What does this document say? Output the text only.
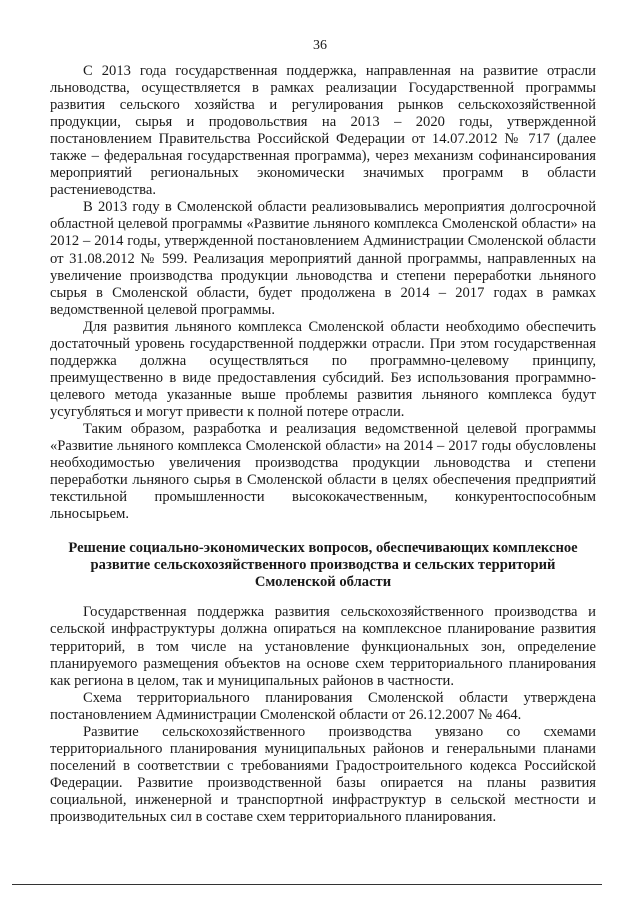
36

С 2013 года государственная поддержка, направленная на развитие отрасли льноводства, осуществляется в рамках реализации Государственной программы развития сельского хозяйства и регулирования рынков сельскохозяйственной продукции, сырья и продовольствия на 2013 – 2020 годы, утвержденной постановлением Правительства Российской Федерации от 14.07.2012 № 717 (далее также – федеральная государственная программа), через механизм софинансирования мероприятий региональных экономически значимых программ в области растениеводства.

В 2013 году в Смоленской области реализовывались мероприятия долгосрочной областной целевой программы «Развитие льняного комплекса Смоленской области» на 2012 – 2014 годы, утвержденной постановлением Администрации Смоленской области от 31.08.2012 № 599. Реализация мероприятий данной программы, направленных на увеличение производства продукции льноводства и степени переработки льняного сырья в Смоленской области, будет продолжена в 2014 – 2017 годах в рамках ведомственной целевой программы.

Для развития льняного комплекса Смоленской области необходимо обеспечить достаточный уровень государственной поддержки отрасли. При этом государственная поддержка должна осуществляться по программно-целевому принципу, преимущественно в виде предоставления субсидий. Без использования программно-целевого метода указанные выше проблемы развития льняного комплекса будут усугубляться и могут привести к полной потере отрасли.

Таким образом, разработка и реализация ведомственной целевой программы «Развитие льняного комплекса Смоленской области» на 2014 – 2017 годы обусловлены необходимостью увеличения производства продукции льноводства и степени переработки льняного сырья в Смоленской области в целях обеспечения предприятий текстильной промышленности высококачественным, конкурентоспособным льносырьем.

Решение социально-экономических вопросов, обеспечивающих комплексное развитие сельскохозяйственного производства и сельских территорий Смоленской области

Государственная поддержка развития сельскохозяйственного производства и сельской инфраструктуры должна опираться на комплексное планирование развития территорий, в том числе на установление функциональных зон, определение планируемого размещения объектов на основе схем территориального планирования как региона в целом, так и муниципальных районов в частности.

Схема территориального планирования Смоленской области утверждена постановлением Администрации Смоленской области от 26.12.2007 № 464.

Развитие сельскохозяйственного производства увязано со схемами территориального планирования муниципальных районов и генеральными планами поселений в соответствии с требованиями Градостроительного кодекса Российской Федерации. Развитие производственной базы опирается на планы развития социальной, инженерной и транспортной инфраструктур в сельской местности и производительных сил в составе схем территориального планирования.
